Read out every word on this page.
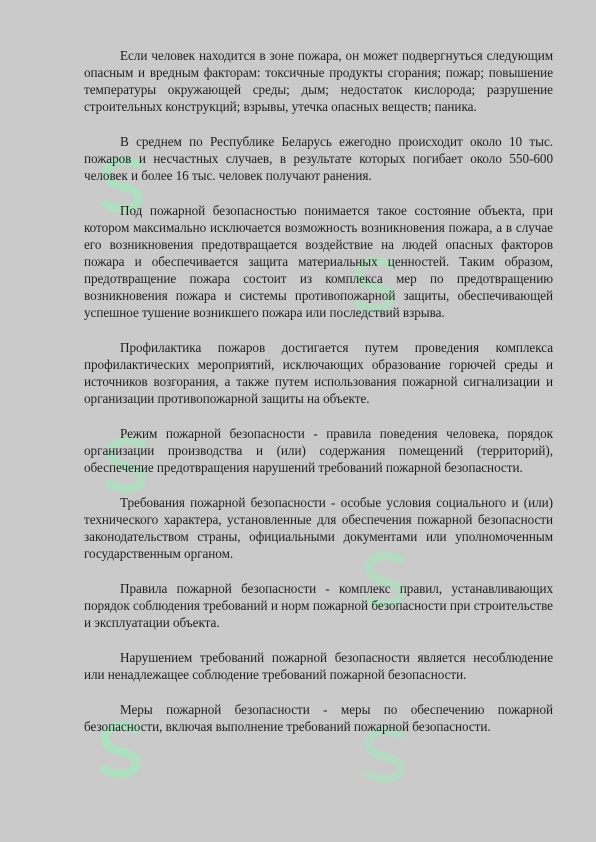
Если человек находится в зоне пожара, он может подвергнуться следующим опасным и вредным факторам: токсичные продукты сгорания; пожар; повышение температуры окружающей среды; дым; недостаток кислорода; разрушение строительных конструкций; взрывы, утечка опасных веществ; паника.

В среднем по Республике Беларусь ежегодно происходит около 10 тыс. пожаров и несчастных случаев, в результате которых погибает около 550-600 человек и более 16 тыс. человек получают ранения.

Под пожарной безопасностью понимается такое состояние объекта, при котором максимально исключается возможность возникновения пожара, а в случае его возникновения предотвращается воздействие на людей опасных факторов пожара и обеспечивается защита материальных ценностей. Таким образом, предотвращение пожара состоит из комплекса мер по предотвращению возникновения пожара и системы противопожарной защиты, обеспечивающей успешное тушение возникшего пожара или последствий взрыва.

Профилактика пожаров достигается путем проведения комплекса профилактических мероприятий, исключающих образование горючей среды и источников возгорания, а также путем использования пожарной сигнализации и организации противопожарной защиты на объекте.

Режим пожарной безопасности - правила поведения человека, порядок организации производства и (или) содержания помещений (территорий), обеспечение предотвращения нарушений требований пожарной безопасности.

Требования пожарной безопасности - особые условия социального и (или) технического характера, установленные для обеспечения пожарной безопасности законодательством страны, официальными документами или уполномоченным государственным органом.

Правила пожарной безопасности - комплекс правил, устанавливающих порядок соблюдения требований и норм пожарной безопасности при строительстве и эксплуатации объекта.

Нарушением требований пожарной безопасности является несоблюдение или ненадлежащее соблюдение требований пожарной безопасности.

Меры пожарной безопасности - меры по обеспечению пожарной безопасности, включая выполнение требований пожарной безопасности.
